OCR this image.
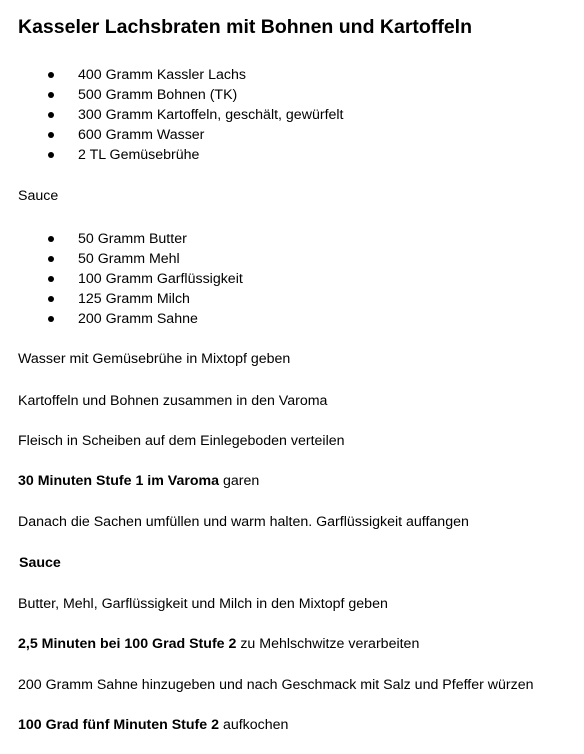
Kasseler Lachsbraten mit Bohnen und Kartoffeln
400 Gramm Kassler Lachs
500 Gramm Bohnen (TK)
300 Gramm Kartoffeln, geschält, gewürfelt
600 Gramm Wasser
2 TL Gemüsebrühe

Sauce

50 Gramm Butter
50 Gramm Mehl
100 Gramm Garflüssigkeit
125 Gramm Milch
200 Gramm Sahne

Wasser mit Gemüsebrühe in Mixtopf geben

Kartoffeln und Bohnen zusammen in den Varoma

Fleisch in Scheiben auf dem Einlegeboden verteilen

30 Minuten Stufe 1 im Varoma garen

Danach die Sachen umfüllen und warm halten. Garflüssigkeit auffangen

Sauce

Butter, Mehl, Garflüssigkeit und Milch in den Mixtopf geben

2,5 Minuten bei 100 Grad Stufe 2 zu Mehlschwitze verarbeiten

200 Gramm Sahne hinzugeben und nach Geschmack mit Salz und Pfeffer würzen

100 Grad fünf Minuten Stufe 2 aufkochen
